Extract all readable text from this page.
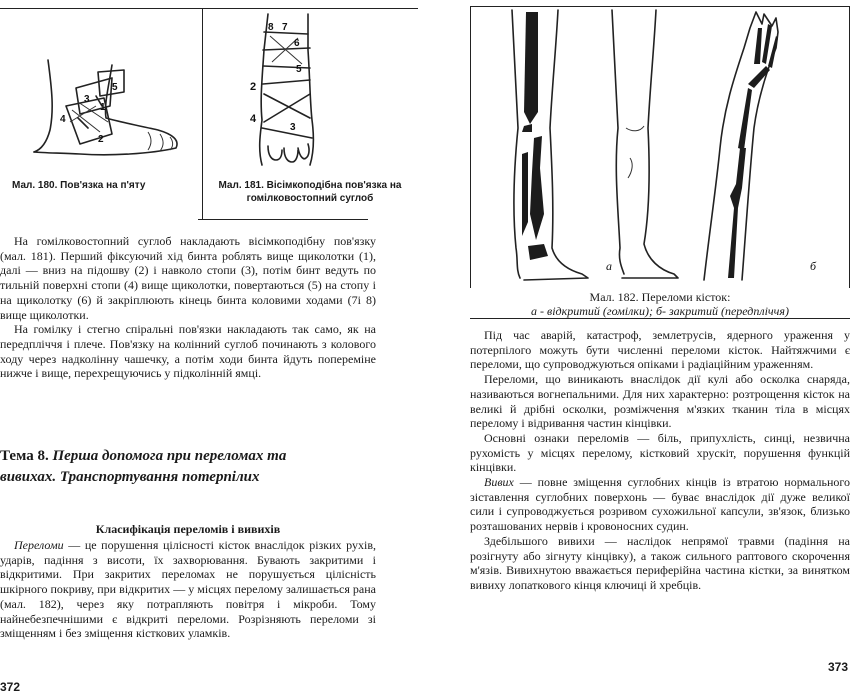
5
3
1
4
2
8 7
6
5
2
4
3
Мал. 180. Пов'язка на п'яту	Мал. 181. Вісімкоподібна пов'язка на гомілковостопний суглоб

На гомілковостопний суглоб накладають вісімкоподібну пов'язку (мал. 181). Перший фіксуючий хід бинта роблять вище щиколотки (1), далі — вниз на підошву (2) і навколо стопи (3), потім бинт ведуть по тильній поверхні стопи (4) вище щиколотки, повертаються (5) на стопу і на щиколотку (6) й закріплюють кінець бинта коловими ходами (7і 8) вище щиколотки.

На гомілку і стегно спіральні пов'язки накладають так само, як на передпліччя і плече. Пов'язку на колінний суглоб починають з колового ходу через надколінну чашечку, а потім ходи бинта йдуть попереміне нижче і вище, перехрещуючись у підколінній ямці.

Тема 8. Перша допомога при переломах та вивихах. Транспортування потерпілих
Класифікація переломів і вивихів

Переломи — це порушення цілісності кісток внаслідок різких рухів, ударів, падіння з висоти, їх захворювання. Бувають закритими і відкритими. При закритих переломах не порушується цілісність шкірного покриву, при відкритих — у місцях перелому залишається рана (мал. 182), через яку потрапляють повітря і мікроби. Тому найнебезпечнішими є відкриті переломи. Розрізняють переломи зі зміщенням і без зміщення кісткових уламків.

372
а	б
Мал. 182. Переломи кісток:
а - відкритий (гомілки); б- закритий (передпліччя)

Під час аварій, катастроф, землетрусів, ядерного ураження у потерпілого можуть бути численні переломи кісток. Найтяжчими є переломи, що супроводжуються опіками і радіаційним ураженням.

Переломи, що виникають внаслідок дії кулі або осколка снаряда, називаються вогнепальними. Для них характерно: розтрощення кісток на великі й дрібні осколки, розміжчення м'язких тканин тіла в місцях перелому і відривання частин кінцівки.

Основні ознаки переломів — біль, припухлість, синці, незвична рухомість у місцях перелому, кістковий хрускіт, порушення функцій кінцівки.

Вивих — повне зміщення суглобних кінців із втратою нормального зіставлення суглобних поверхонь — буває внаслідок дії дуже великої сили і супроводжується розривом сухожильної капсули, зв'язок, близько розташованих нервів і кровоносних судин.

Здебільшого вивихи — наслідок непрямої травми (падіння на розігнуту або зігнуту кінцівку), а також сильного раптового скорочення м'язів. Вивихнутою вважається периферійна частина кістки, за винятком вивиху лопаткового кінця ключиці й хребців.

373
